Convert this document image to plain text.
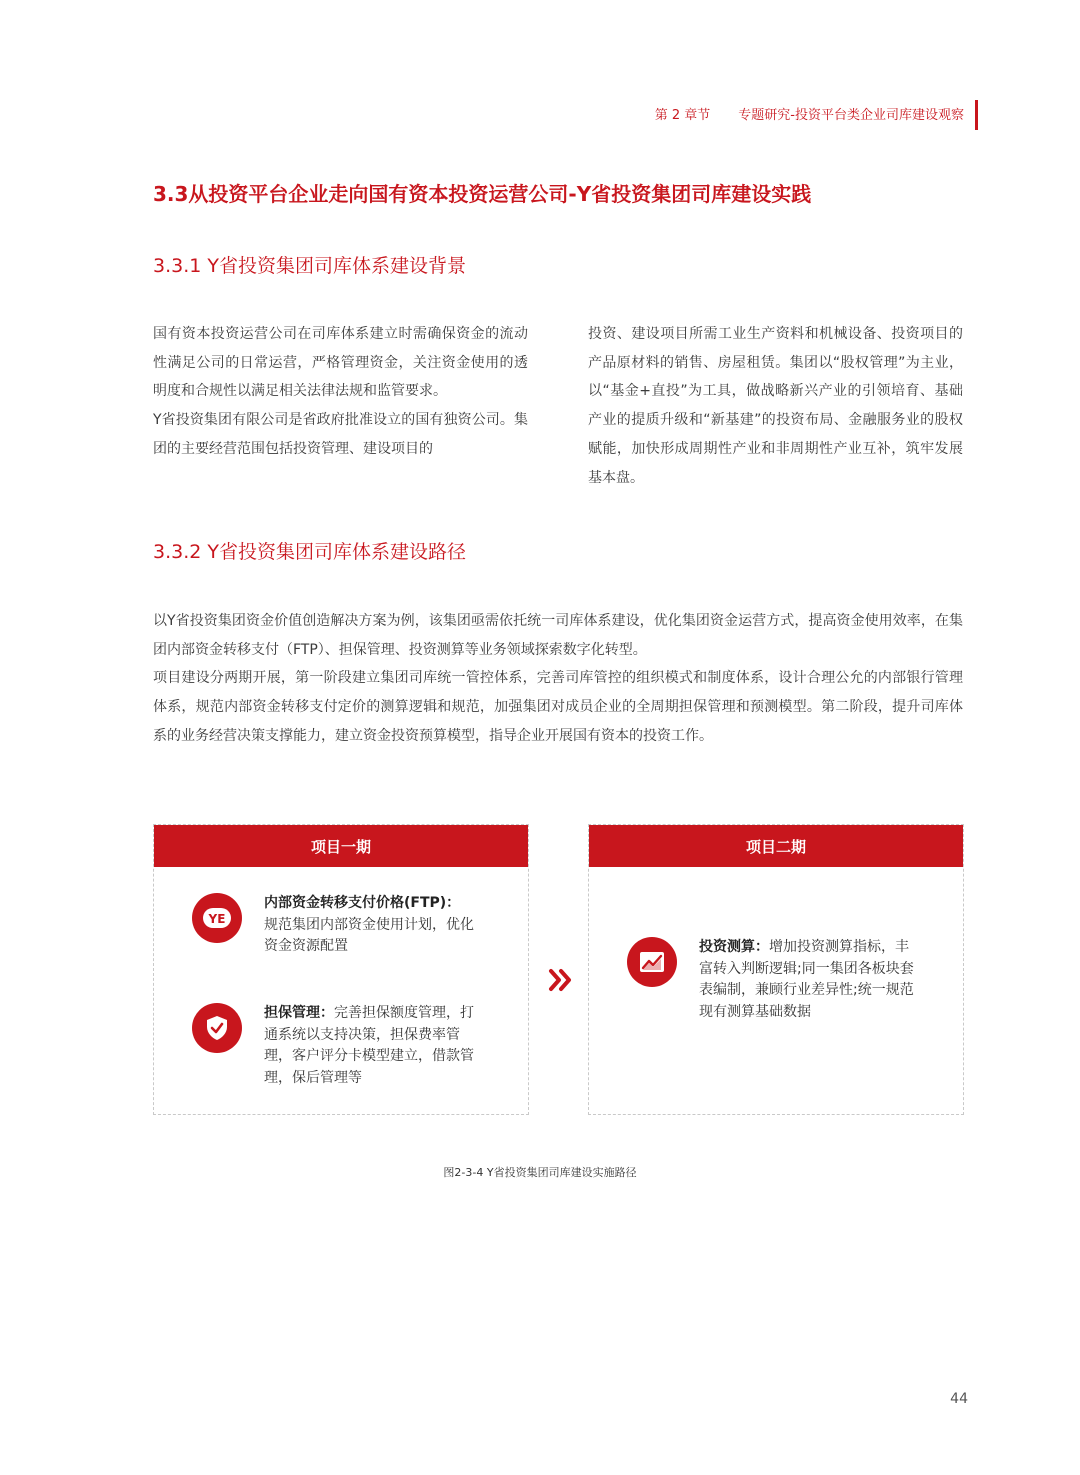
第 2 章节 专题研究-投资平台类企业司库建设观察
3.3从投资平台企业走向国有资本投资运营公司-Y省投资集团司库建设实践
3.3.1 Y省投资集团司库体系建设背景

国有资本投资运营公司在司库体系建立时需确保资金的流动性满足公司的日常运营，严格管理资金，关注资金使用的透明度和合规性以满足相关法律法规和监管要求。

Y省投资集团有限公司是省政府批准设立的国有独资公司。集团的主要经营范围包括投资管理、建设项目的

投资、建设项目所需工业生产资料和机械设备、投资项目的产品原材料的销售、房屋租赁。集团以“股权管理”为主业，以“基金+直投”为工具，做战略新兴产业的引领培育、基础产业的提质升级和“新基建”的投资布局、金融服务业的股权赋能，加快形成周期性产业和非周期性产业互补，筑牢发展基本盘。

3.3.2 Y省投资集团司库体系建设路径

以Y省投资集团资金价值创造解决方案为例，该集团亟需依托统一司库体系建设，优化集团资金运营方式，提高资金使用效率，在集团内部资金转移支付（FTP）、担保管理、投资测算等业务领域探索数字化转型。

项目建设分两期开展，第一阶段建立集团司库统一管控体系，完善司库管控的组织模式和制度体系，设计合理公允的内部银行管理体系，规范内部资金转移支付定价的测算逻辑和规范，加强集团对成员企业的全周期担保管理和预测模型。第二阶段，提升司库体系的业务经营决策支撑能力，建立资金投资预算模型，指导企业开展国有资本的投资工作。

项目一期
YE
内部资金转移支付价格(FTP)：
规范集团内部资金使用计划，优化资金资源配置
担保管理：完善担保额度管理，打通系统以支持决策，担保费率管理，客户评分卡模型建立，借款管理，保后管理等
项目二期
投资测算：增加投资测算指标，丰富转入判断逻辑;同一集团各板块套表编制，兼顾行业差异性;统一规范现有测算基础数据
图2-3-4 Y省投资集团司库建设实施路径
44
